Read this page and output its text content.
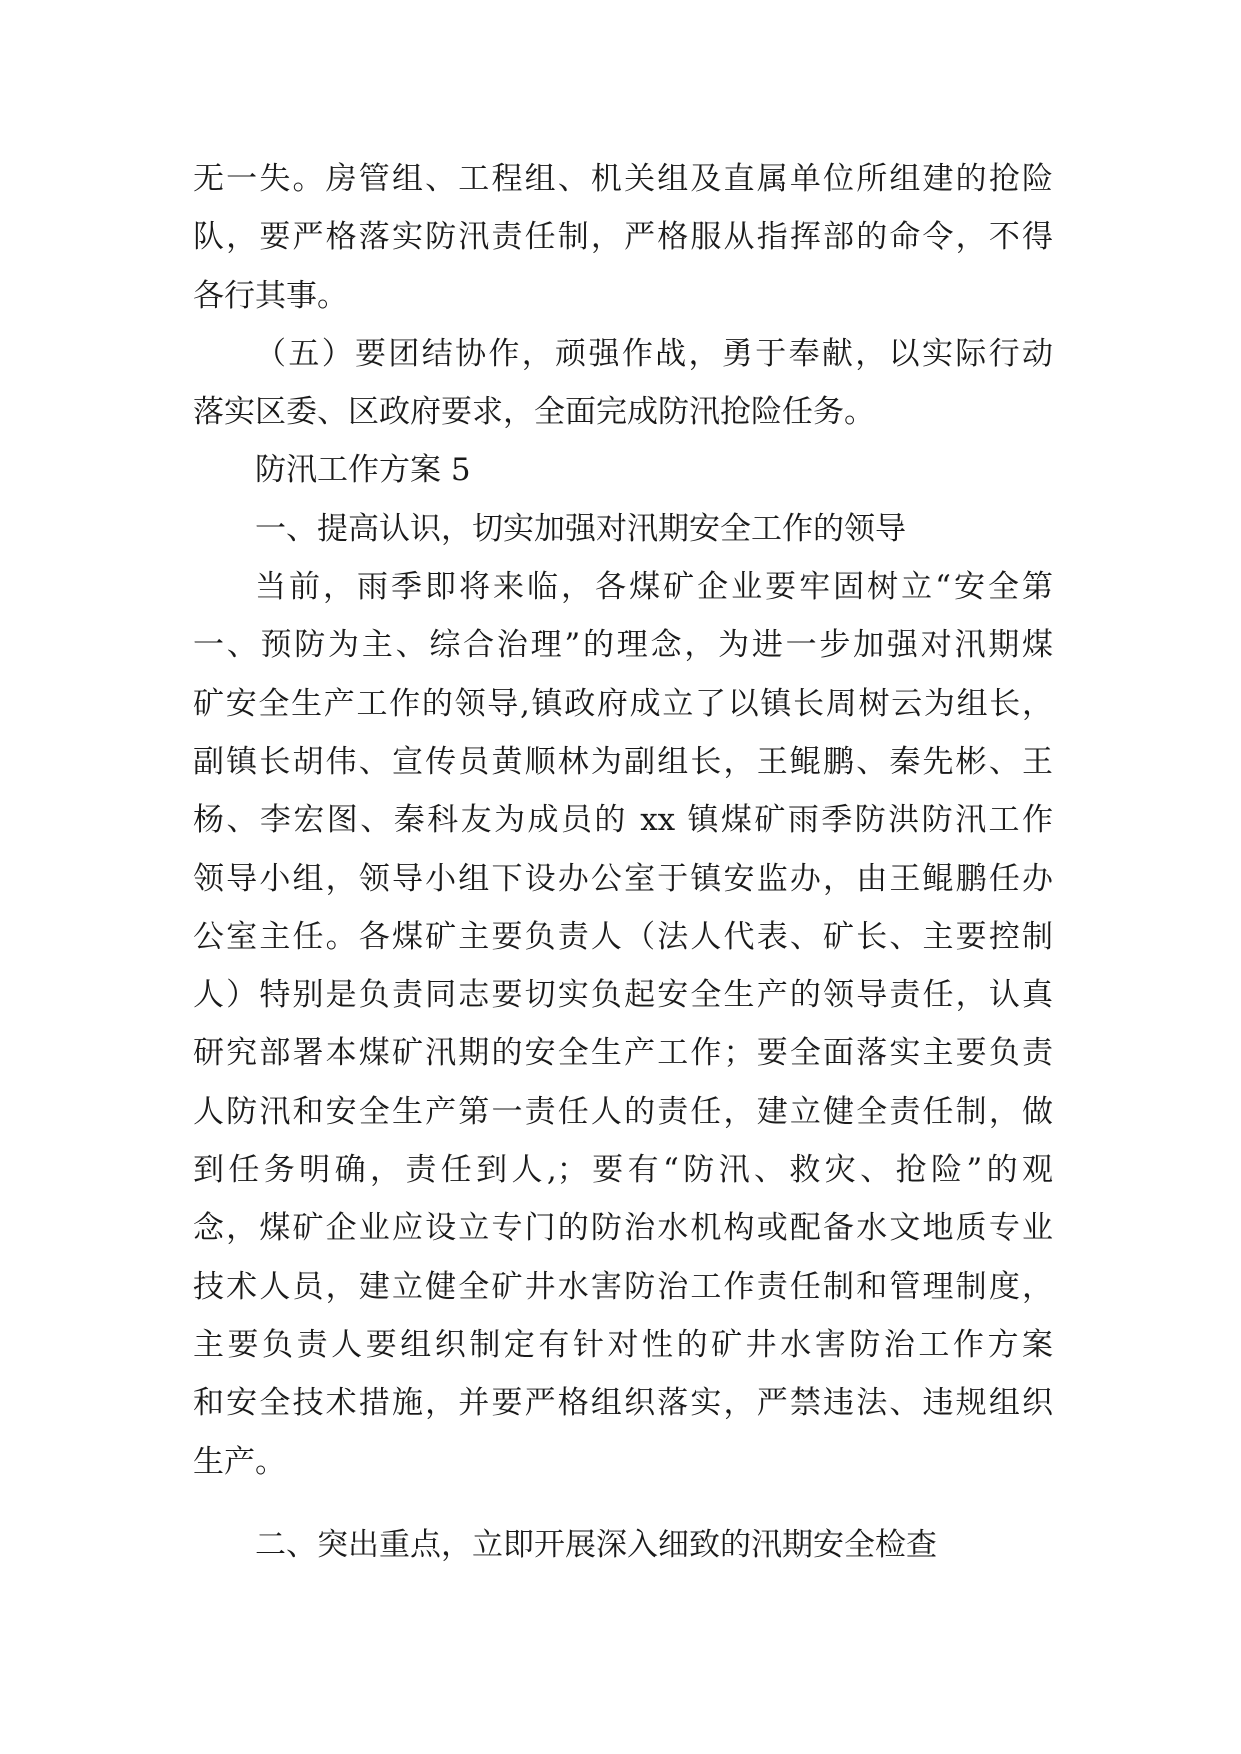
无一失。房管组、工程组、机关组及直属单位所组建的抢险
队，要严格落实防汛责任制，严格服从指挥部的命令，不得
各行其事。
（五）要团结协作，顽强作战，勇于奉献，以实际行动
落实区委、区政府要求，全面完成防汛抢险任务。
防汛工作方案 5
一、提高认识，切实加强对汛期安全工作的领导
当前，雨季即将来临，各煤矿企业要牢固树立“安全第
一、预防为主、综合治理”的理念，为进一步加强对汛期煤
矿安全生产工作的领导,镇政府成立了以镇长周树云为组长，
副镇长胡伟、宣传员黄顺林为副组长，王鲲鹏、秦先彬、王
杨、李宏图、秦科友为成员的 xx 镇煤矿雨季防洪防汛工作
领导小组，领导小组下设办公室于镇安监办，由王鲲鹏任办
公室主任。各煤矿主要负责人（法人代表、矿长、主要控制
人）特别是负责同志要切实负起安全生产的领导责任，认真
研究部署本煤矿汛期的安全生产工作；要全面落实主要负责
人防汛和安全生产第一责任人的责任，建立健全责任制，做
到任务明确，责任到人,；要有“防汛、救灾、抢险”的观
念，煤矿企业应设立专门的防治水机构或配备水文地质专业
技术人员，建立健全矿井水害防治工作责任制和管理制度，
主要负责人要组织制定有针对性的矿井水害防治工作方案
和安全技术措施，并要严格组织落实，严禁违法、违规组织
生产。
二、突出重点，立即开展深入细致的汛期安全检查
